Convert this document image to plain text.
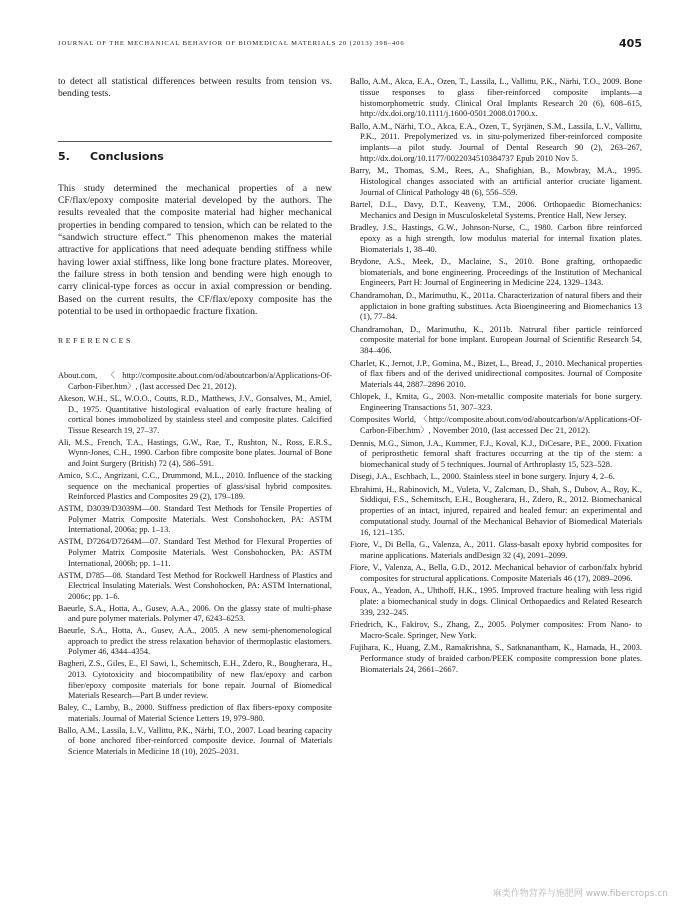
JOURNAL OF THE MECHANICAL BEHAVIOR OF BIOMEDICAL MATERIALS 20 (2013) 398–406	405

to detect all statistical differences between results from tension vs. bending tests.

5. Conclusions

This study determined the mechanical properties of a new CF/flax/epoxy composite material developed by the authors. The results revealed that the composite material had higher mechanical properties in bending compared to tension, which can be related to the “sandwich structure effect.” This phenomenon makes the material attractive for applications that need adequate bending stiffness while having lower axial stiffness, like long bone fracture plates. Moreover, the failure stress in both tension and bending were high enough to carry clinical-type forces as occur in axial compression or bending. Based on the current results, the CF/flax/epoxy composite has the potential to be used in orthopaedic fracture fixation.

REFERENCES

About.com, 〈http://composite.about.com/od/aboutcarbon/a/Applications-Of-Carbon-Fiber.htm〉, (last accessed Dec 21, 2012).

Akeson, W.H., SL, W.O.O., Coutts, R.D., Matthews, J.V., Gonsalves, M., Amiel, D., 1975. Quantitative histological evaluation of early fracture healing of cortical bones immobolized by stainless steel and composite plates. Calcified Tissue Research 19, 27–37.

Ali, M.S., French, T.A., Hastings, G.W., Rae, T., Rushton, N., Ross, E.R.S., Wynn-Jones, C.H., 1990. Carbon fibre composite bone plates. Journal of Bone and Joint Surgery (British) 72 (4), 586–591.

Amico, S.C., Angrizani, C.C., Drummond, M.L., 2010. Influence of the stacking sequence on the mechanical properties of glass/sisal hybrid composites. Reinforced Plastics and Composites 29 (2), 179–189.

ASTM, D3039/D3039M—00. Standard Test Methods for Tensile Properties of Polymer Matrix Composite Materials. West Conshohocken, PA: ASTM International, 2006a; pp. 1–13.

ASTM, D7264/D7264M—07. Standard Test Method for Flexural Properties of Polymer Matrix Composite Materials. West Conshohocken, PA: ASTM International, 2006b; pp. 1–11.

ASTM, D785—08. Standard Test Method for Rockwell Hardness of Plastics and Electrical Insulating Materials. West Conshohocken, PA: ASTM International, 2006c; pp. 1–6.

Baeurle, S.A., Hotta, A., Gusev, A.A., 2006. On the glassy state of multi-phase and pure polymer materials. Polymer 47, 6243–6253.

Baeurle, S.A., Hotta, A., Gusev, A.A., 2005. A new semi-phenomenological approach to predict the stress relaxation behavior of thermoplastic elastomers. Polymer 46, 4344–4354.

Bagheri, Z.S., Giles, E., El Sawi, I., Schemitsch, E.H., Zdero, R., Bougherara, H., 2013. Cytotoxicity and biocompatibility of new flax/epoxy and carbon fiber/epoxy composite materials for bone repair. Journal of Biomedical Materials Research—Part B under review.

Baley, C., Lamby, B., 2000. Stiffness prediction of flax fibers-epoxy composite materials. Journal of Material Science Letters 19, 979–980.

Ballo, A.M., Lassila, L.V., Vallittu, P.K., Närhi, T.O., 2007. Load bearing capacity of bone anchored fiber-reinforced composite device. Journal of Materials Science Materials in Medicine 18 (10), 2025–2031.

Ballo, A.M., Akca, E.A., Ozen, T., Lassila, L., Vallittu, P.K., Närhi, T.O., 2009. Bone tissue responses to glass fiber-reinforced composite implants—a histomorphometric study. Clinical Oral Implants Research 20 (6), 608–615, http://dx.doi.org/10.1111/j.1600-0501.2008.01700.x.

Ballo, A.M., Närhi, T.O., Akca, E.A., Ozen, T., Syrjänen, S.M., Lassila, L.V., Vallittu, P.K., 2011. Prepolymerized vs. in situ-polymerized fiber-reinforced composite implants—a pilot study. Journal of Dental Research 90 (2), 263–267, http://dx.doi.org/10.1177/0022034510384737 Epub 2010 Nov 5.

Barry, M., Thomas, S.M., Rees, A., Shafighian, B., Mowbray, M.A., 1995. Histological changes associated with an artificial anterior cruciate ligament. Journal of Clinical Pathology 48 (6), 556–559.

Bartel, D.L., Davy, D.T., Keaveny, T.M., 2006. Orthopaedic Biomechanics: Mechanics and Design in Musculoskeletal Systems. Prentice Hall, New Jersey.

Bradley, J.S., Hastings, G.W., Johnson-Nurse, C., 1980. Carbon fibre reinforced epoxy as a high strength, low modulus material for internal fixation plates. Biomaterials 1, 38–40.

Brydone, A.S., Meek, D., Maclaine, S., 2010. Bone grafting, orthopaedic biomaterials, and bone engineering. Proceedings of the Institution of Mechanical Engineers, Part H: Journal of Engineering in Medicine 224, 1329–1343.

Chandramohan, D., Marimuthu, K., 2011a. Characterization of natural fibers and their applictaion in bone grafting substitues. Acta Bioengineering and Biomechanics 13 (1), 77–84.

Chandramohan, D., Marimuthu, K., 2011b. Natrural fiber particle reinforced composite material for bone implant. European Journal of Scientific Research 54, 384–406.

Charlet, K., Jernot, J.P., Gomina, M., Bizet, L., Bread, J., 2010. Mechanical properties of flax fibers and of the derived unidirectional composites. Journal of Composite Materials 44, 2887–2896 2010.

Chlopek, J., Kmita, G., 2003. Non-metallic composite materials for bone surgery. Engineering Transactions 51, 307–323.

Composites World, 〈http://composite.about.com/od/aboutcarbon/a/Applications-Of-Carbon-Fiber.htm〉, November 2010, (last accessed Dec 21, 2012).

Dennis, M.G., Simon, J.A., Kummer, F.J., Koval, K.J., DiCesare, P.E., 2000. Fixation of periprosthetic femoral shaft fractures occurring at the tip of the stem: a biomechanical study of 5 techniques. Journal of Arthroplasty 15, 523–528.

Disegi, J.A., Eschbach, L., 2000. Stainless steel in bone surgery. Injury 4, 2–6.

Ebrahimi, H., Rabinovich, M., Vuleta, V., Zalcman, D., Shah, S., Dubov, A., Roy, K., Siddiqui, F.S., Schemitsch, E.H., Bougherara, H., Zdero, R., 2012. Biomechanical properties of an intact, injured, repaired and healed femur: an experimental and computational study. Journal of the Mechanical Behavior of Biomedical Materials 16, 121–135.

Fiore, V., Di Bella, G., Valenza, A., 2011. Glass-basalt epoxy hybrid composites for marine applications. Materials andDesign 32 (4), 2091–2099.

Fiore, V., Valenza, A., Bella, G.D., 2012. Mechanical behavior of carbon/falx hybrid composites for structural applications. Composite Materials 46 (17), 2089–2096.

Foux, A., Yeadon, A., Uhthoff, H.K., 1995. Improved fracture healing with less rigid plate: a biomechanical study in dogs. Clinical Orthopaedics and Related Research 339, 232–245.

Friedrich, K., Fakirov, S., Zhang, Z., 2005. Polymer composites: From Nano- to Macro-Scale. Springer, New York.

Fujihara, K., Huang, Z.M., Ramakrishna, S., Satknanantham, K., Hamada, H., 2003. Performance study of braided carbon/PEEK composite compression bone plates. Biomaterials 24, 2661–2667.

麻类作物营养与施肥网 www.fibercrops.cn
